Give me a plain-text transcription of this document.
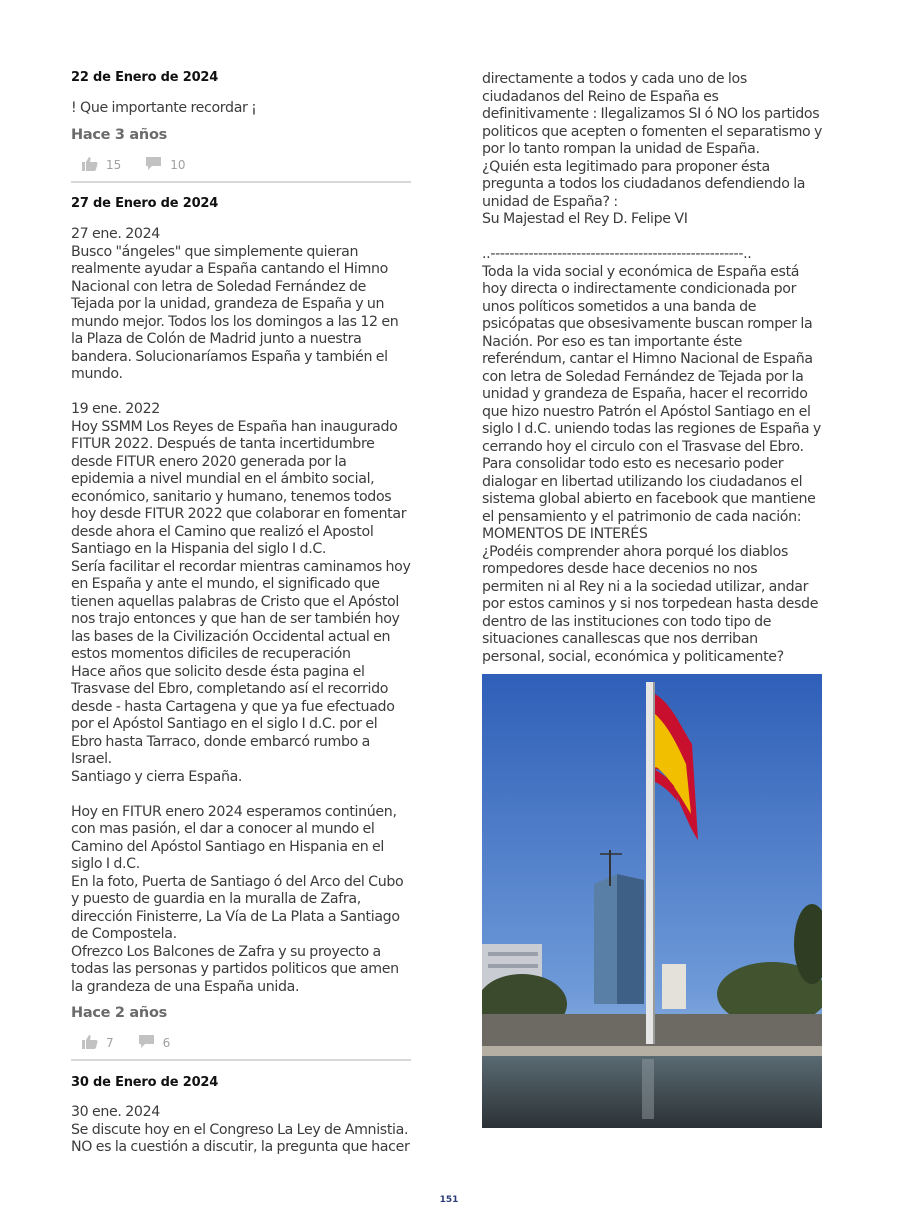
22 de Enero de 2024

! Que importante recordar ¡

Hace 3 años
15	10
27 de Enero de 2024

27 ene. 2024
Busco "ángeles" que simplemente quieran
realmente ayudar a España cantando el Himno
Nacional con letra de Soledad Fernández de
Tejada por la unidad, grandeza de España y un
mundo mejor. Todos los los domingos a las 12 en
la Plaza de Colón de Madrid junto a nuestra
bandera. Solucionaríamos España y también el
mundo.

19 ene. 2022
Hoy SSMM Los Reyes de España han inaugurado
FITUR 2022. Después de tanta incertidumbre
desde FITUR enero 2020 generada por la
epidemia a nivel mundial en el ámbito social,
económico, sanitario y humano, tenemos todos
hoy desde FITUR 2022 que colaborar en fomentar
desde ahora el Camino que realizó el Apostol
Santiago en la Hispania del siglo I d.C.
Sería facilitar el recordar mientras caminamos hoy
en España y ante el mundo, el significado que
tienen aquellas palabras de Cristo que el Apóstol
nos trajo entonces y que han de ser también hoy
las bases de la Civilización Occidental actual en
estos momentos dificiles de recuperación
Hace años que solicito desde ésta pagina el
Trasvase del Ebro, completando así el recorrido
desde - hasta Cartagena y que ya fue efectuado
por el Apóstol Santiago en el siglo I d.C. por el
Ebro hasta Tarraco, donde embarcó rumbo a
Israel.
Santiago y cierra España.

Hoy en FITUR enero 2024 esperamos continúen,
con mas pasión, el dar a conocer al mundo el
Camino del Apóstol Santiago en Hispania en el
siglo I d.C.
En la foto, Puerta de Santiago ó del Arco del Cubo
y puesto de guardia en la muralla de Zafra,
dirección Finisterre, La Vía de La Plata a Santiago
de Compostela.
Ofrezco Los Balcones de Zafra y su proyecto a
todas las personas y partidos politicos que amen
la grandeza de una España unida.

Hace 2 años
7	6
30 de Enero de 2024

30 ene. 2024
Se discute hoy en el Congreso La Ley de Amnistia.
NO es la cuestión a discutir, la pregunta que hacer

directamente a todos y cada uno de los
ciudadanos del Reino de España es
definitivamente : Ilegalizamos SI ó NO los partidos
politicos que acepten o fomenten el separatismo y
por lo tanto rompan la unidad de España.
¿Quién esta legitimado para proponer ésta
pregunta a todos los ciudadanos defendiendo la
unidad de España? :
Su Majestad el Rey D. Felipe VI

..-----------------------------------------------------..
Toda la vida social y económica de España está
hoy directa o indirectamente condicionada por
unos políticos sometidos a una banda de
psicópatas que obsesivamente buscan romper la
Nación. Por eso es tan importante éste
referéndum, cantar el Himno Nacional de España
con letra de Soledad Fernández de Tejada por la
unidad y grandeza de España, hacer el recorrido
que hizo nuestro Patrón el Apóstol Santiago en el
siglo I d.C. uniendo todas las regiones de España y
cerrando hoy el circulo con el Trasvase del Ebro.
Para consolidar todo esto es necesario poder
dialogar en libertad utilizando los ciudadanos el
sistema global abierto en facebook que mantiene
el pensamiento y el patrimonio de cada nación:
MOMENTOS DE INTERÉS
¿Podéis comprender ahora porqué los diablos
rompedores desde hace decenios no nos
permiten ni al Rey ni a la sociedad utilizar, andar
por estos caminos y si nos torpedean hasta desde
dentro de las instituciones con todo tipo de
situaciones canallescas que nos derriban
personal, social, económica y politicamente?

151
